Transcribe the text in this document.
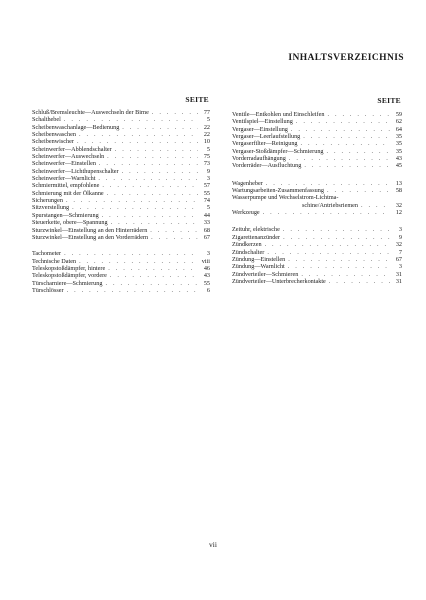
INHALTSVERZEICHNIS
SEITE
Schluß/Bremsleuchte—Auswechseln der Birne . . .	77
Schalthebel . . .	5
Scheibenwaschanlage—Bedienung . . .	22
Scheibenwaschen . . .	22
Scheibenwischer . . .	10
Scheinwerfer—Abblendschalter . . .	5
Scheinwerfer—Auswechseln . . .	75
Scheinwerfer—Einstellen . . .	73
Scheinwerfer—Lichthupenschalter . . .	9
Scheinwerfer—Warnlicht . . .	3
Schmiermittel, empfohlene . . .	57
Schmierung mit der Ölkanne . . .	55
Sicherungen . . .	74
Sitzverstellung . . .	5
Spurstangen—Schmierung . . .	44
Steuerkette, obere—Spannung . . .	33
Sturzwinkel—Einstellung an den Hinterrädern . . .	68
Sturzwinkel—Einstellung an den Vorderrädern . . .	67
Tachometer . . .	3
Technische Daten . . .	viii
Teleskopstoßdämpfer, hintere . . .	46
Teleskopstoßdämpfer, vordere . . .	43
Türscharniere—Schmierung . . .	55
Türschlösser . . .	6
SEITE
Ventile—Entkohlen und Einschleifen . . .	59
Ventilspiel—Einstellung . . .	62
Vergaser—Einstellung . . .	64
Vergaser—Leerlaufstellung . . .	35
Vergaserfilter—Reinigung . . .	35
Vergaser-Stoßdämpfer—Schmierung . . .	35
Vorderradaufhängung . . .	43
Vorderräder—Ausfluchtung . . .	45
Wagenheber . . .	13
Wartungsarbeiten-Zusammenfassung . . .	58
Wasserpumpe und Wechselstrom-Lichtma-
schine/Antriebsriemen . . .	32
Werkzeuge . . .	12
Zeituhr, elektrische . . .	3
Zigarettenanzünder . . .	9
Zündkerzen . . .	32
Zündschalter . . .	7
Zündung—Einstellen . . .	67
Zündung—Warnlicht . . .	3
Zündverteiler—Schmieren . . .	31
Zündverteiler—Unterbrecherkontakte . . .	31
vii
